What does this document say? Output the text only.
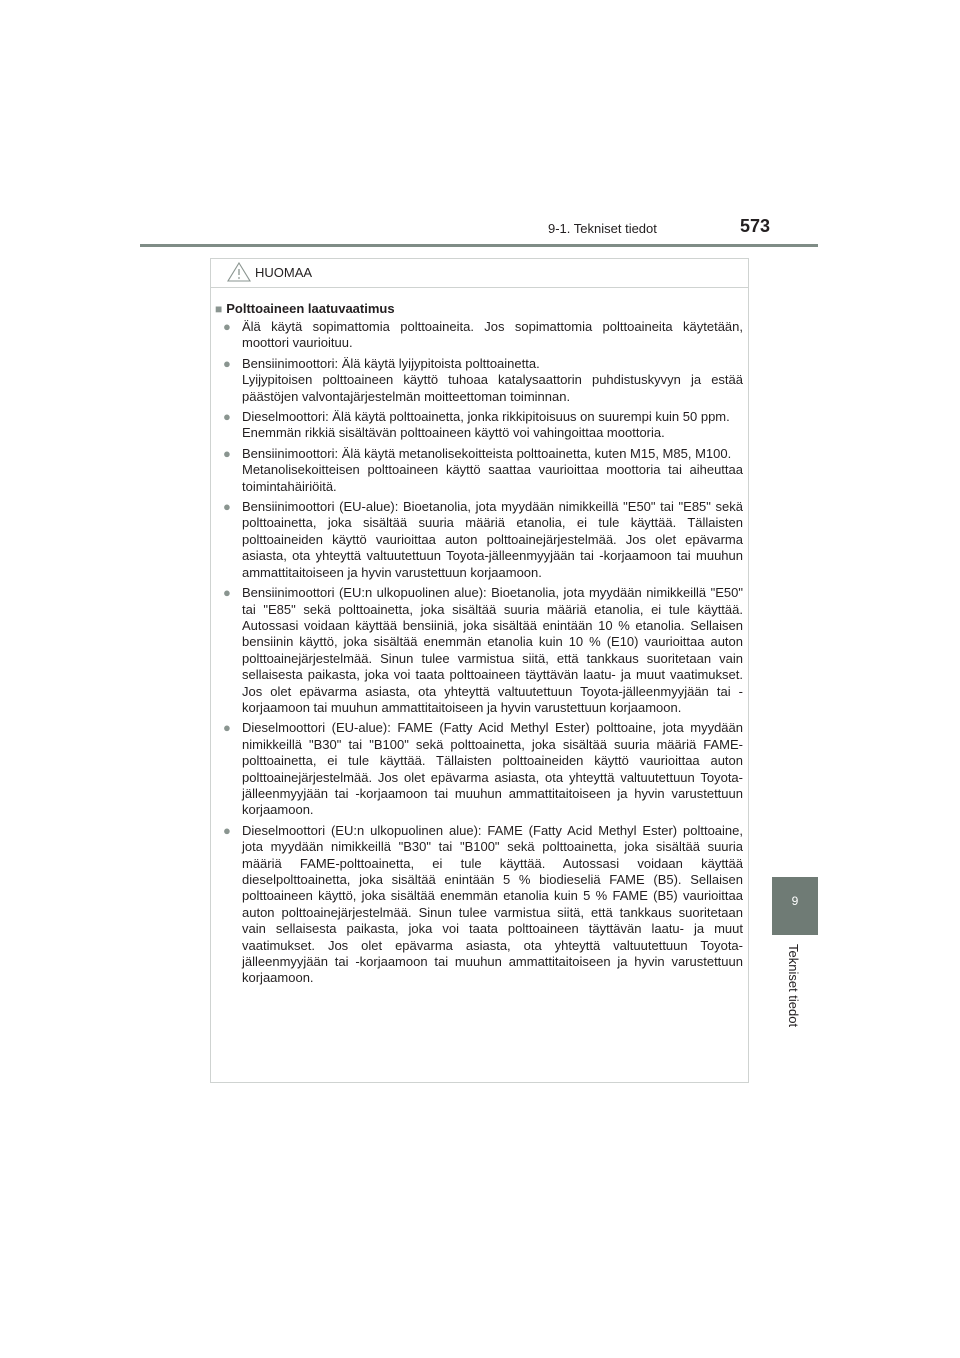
9-1. Tekniset tiedot	573
9
Tekniset tiedot
HUOMAA
■ Polttoaineen laatuvaatimus
● Älä käytä sopimattomia polttoaineita. Jos sopimattomia polttoaineita käytetään, moottori vaurioituu.
● Bensiinimoottori: Älä käytä lyijypitoista polttoainetta.
Lyijypitoisen polttoaineen käyttö tuhoaa katalysaattorin puhdistuskyvyn ja estää päästöjen valvontajärjestelmän moitteettoman toiminnan.
● Dieselmoottori: Älä käytä polttoainetta, jonka rikkipitoisuus on suurempi kuin 50 ppm.
Enemmän rikkiä sisältävän polttoaineen käyttö voi vahingoittaa moottoria.
● Bensiinimoottori: Älä käytä metanolisekoitteista polttoainetta, kuten M15, M85, M100.
Metanolisekoitteisen polttoaineen käyttö saattaa vaurioittaa moottoria tai aiheuttaa toimintahäiriöitä.
● Bensiinimoottori (EU-alue): Bioetanolia, jota myydään nimikkeillä "E50" tai "E85" sekä polttoainetta, joka sisältää suuria määriä etanolia, ei tule käyttää. Tällaisten polttoaineiden käyttö vaurioittaa auton polttoainejärjestelmää. Jos olet epävarma asiasta, ota yhteyttä valtuutettuun Toyota-jälleenmyyjään tai -korjaamoon tai muuhun ammattitaitoiseen ja hyvin varustettuun korjaamoon.
● Bensiinimoottori (EU:n ulkopuolinen alue): Bioetanolia, jota myydään nimikkeillä "E50" tai "E85" sekä polttoainetta, joka sisältää suuria määriä etanolia, ei tule käyttää. Autossasi voidaan käyttää bensiiniä, joka sisältää enintään 10 % etanolia. Sellaisen bensiinin käyttö, joka sisältää enemmän etanolia kuin 10 % (E10) vaurioittaa auton polttoainejärjestelmää. Sinun tulee varmistua siitä, että tankkaus suoritetaan vain sellaisesta paikasta, joka voi taata polttoaineen täyttävän laatu- ja muut vaatimukset. Jos olet epävarma asiasta, ota yhteyttä valtuutettuun Toyota-jälleenmyyjään tai -korjaamoon tai muuhun ammattitaitoiseen ja hyvin varustettuun korjaamoon.
● Dieselmoottori (EU-alue): FAME (Fatty Acid Methyl Ester) polttoaine, jota myydään nimikkeillä "B30" tai "B100" sekä polttoainetta, joka sisältää suuria määriä FAME-polttoainetta, ei tule käyttää. Tällaisten polttoaineiden käyttö vaurioittaa auton polttoainejärjestelmää. Jos olet epävarma asiasta, ota yhteyttä valtuutettuun Toyota-jälleenmyyjään tai -korjaamoon tai muuhun ammattitaitoiseen ja hyvin varustettuun korjaamoon.
● Dieselmoottori (EU:n ulkopuolinen alue): FAME (Fatty Acid Methyl Ester) polttoaine, jota myydään nimikkeillä "B30" tai "B100" sekä polttoainetta, joka sisältää suuria määriä FAME-polttoainetta, ei tule käyttää. Autossasi voidaan käyttää dieselpolttoainetta, joka sisältää enintään 5 % biodieseliä FAME (B5). Sellaisen polttoaineen käyttö, joka sisältää enemmän etanolia kuin 5 % FAME (B5) vaurioittaa auton polttoainejärjestelmää. Sinun tulee varmistua siitä, että tankkaus suoritetaan vain sellaisesta paikasta, joka voi taata polttoaineen täyttävän laatu- ja muut vaatimukset. Jos olet epävarma asiasta, ota yhteyttä valtuutettuun Toyota-jälleenmyyjään tai -korjaamoon tai muuhun ammattitaitoiseen ja hyvin varustettuun korjaamoon.
